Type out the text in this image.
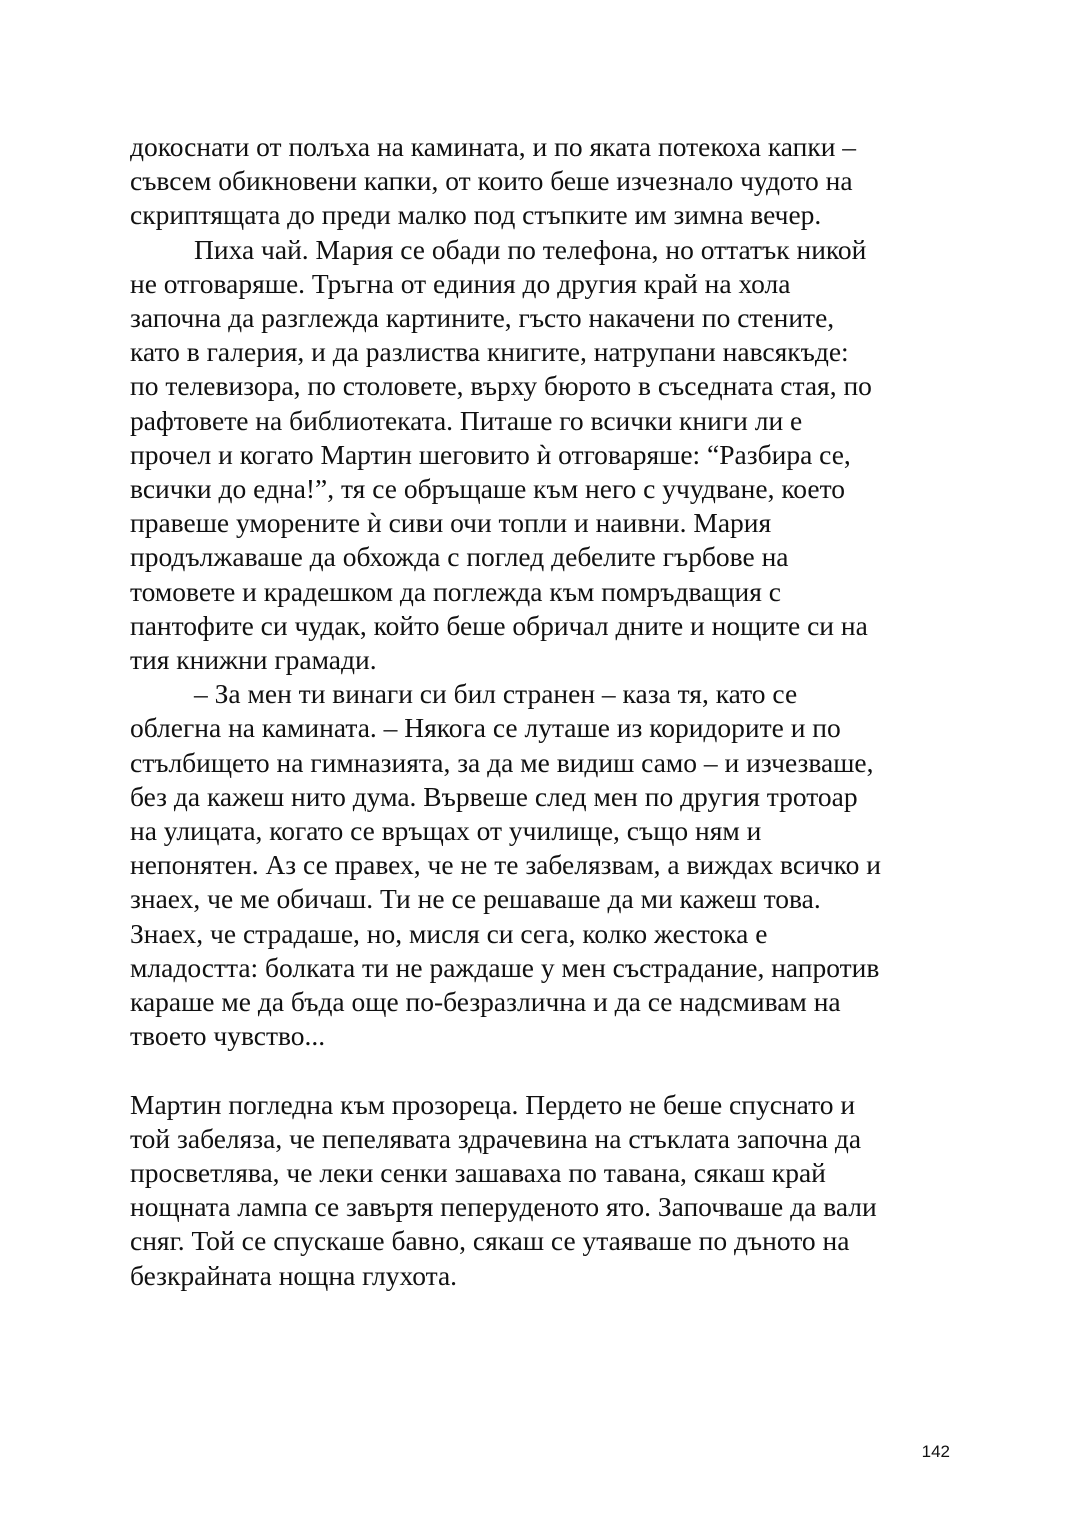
докоснати от полъха на камината, и по яката потекоха капки –
съвсем обикновени капки, от които беше изчезнало чудото на
скриптящата до преди малко под стъпките им зимна вечер.
Пиха чай. Мария се обади по телефона, но оттатък никой
не отговаряше. Тръгна от единия до другия край на хола
започна да разглежда картините, гъсто накачени по стените,
като в галерия, и да разлиства книгите, натрупани навсякъде:
по телевизора, по столовете, върху бюрото в съседната стая, по
рафтовете на библиотеката. Питаше го всички книги ли е
прочел и когато Мартин шеговито ѝ отговаряше: “Разбира се,
всички до една!”, тя се обръщаше към него с учудване, което
правеше уморените ѝ сиви очи топли и наивни. Мария
продължаваше да обхожда с поглед дебелите гърбове на
томовете и крадешком да поглежда към помръдващия с
пантофите си чудак, който беше обричал дните и нощите си на
тия книжни грамади.
– За мен ти винаги си бил странен – каза тя, като се
облегна на камината. – Някога се луташе из коридорите и по
стълбището на гимназията, за да ме видиш само – и изчезваше,
без да кажеш нито дума. Вървеше след мен по другия тротоар
на улицата, когато се връщах от училище, също ням и
непонятен. Аз се правех, че не те забелязвам, а виждах всичко и
знаех, че ме обичаш. Ти не се решаваше да ми кажеш това.
Знаех, че страдаше, но, мисля си сега, колко жестока е
младостта: болката ти не раждаше у мен състрадание, напротив
караше ме да бъда още по-безразлична и да се надсмивам на
твоето чувство...
Мартин погледна към прозореца. Пердето не беше спуснато и
той забеляза, че пепелявата здрачевина на стъклата започна да
просветлява, че леки сенки зашаваха по тавана, сякаш край
нощната лампа се завъртя пеперуденото ято. Започваше да вали
сняг. Той се спускаше бавно, сякаш се утаяваше по дъното на
безкрайната нощна глухота.
142
